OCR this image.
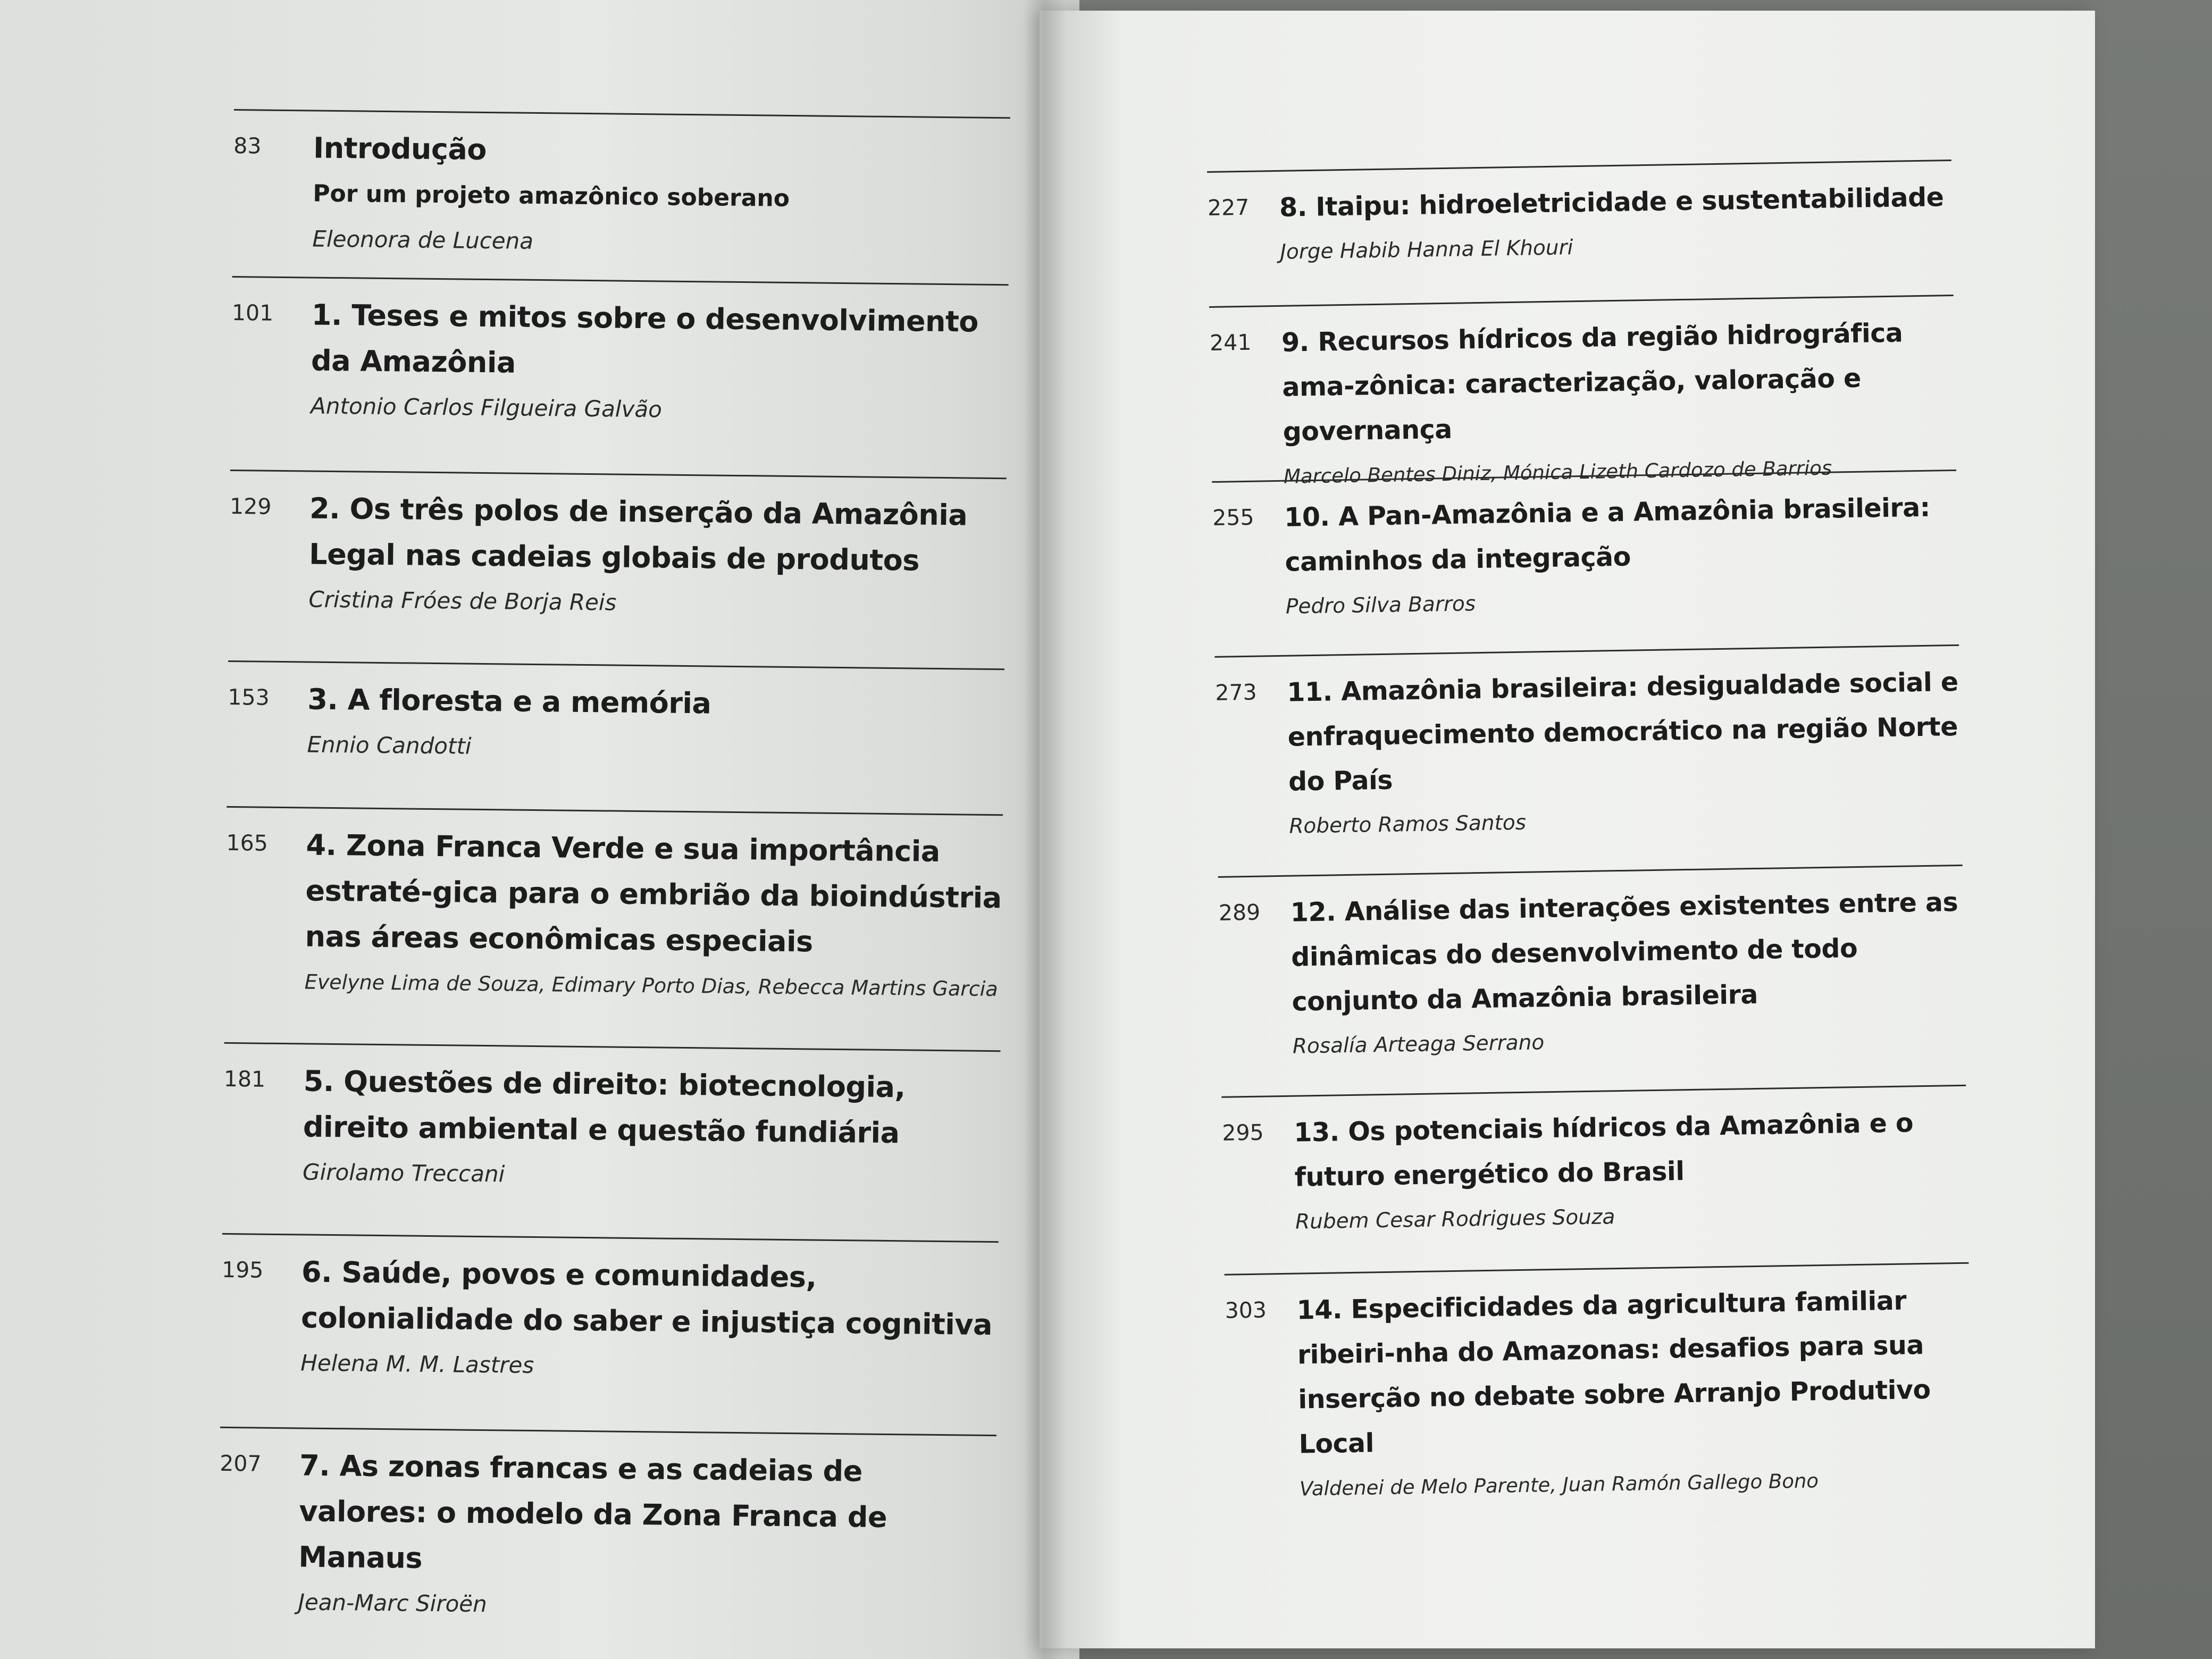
83 Introdução
Por um projeto amazônico soberano
Eleonora de Lucena
101 1. Teses e mitos sobre o desenvolvimento da Amazônia
Antonio Carlos Filgueira Galvão
129 2. Os três polos de inserção da Amazônia Legal nas cadeias globais de produtos
Cristina Fróes de Borja Reis
153 3. A floresta e a memória
Ennio Candotti
165 4. Zona Franca Verde e sua importância estraté-gica para o embrião da bioindústria nas áreas econômicas especiais
Evelyne Lima de Souza, Edimary Porto Dias, Rebecca Martins Garcia
181 5. Questões de direito: biotecnologia, direito ambiental e questão fundiária
Girolamo Treccani
195 6. Saúde, povos e comunidades, colonialidade do saber e injustiça cognitiva
Helena M. M. Lastres
207 7. As zonas francas e as cadeias de valores: o modelo da Zona Franca de Manaus
Jean-Marc Siroën
227 8. Itaipu: hidroeletricidade e sustentabilidade
Jorge Habib Hanna El Khouri
241 9. Recursos hídricos da região hidrográfica ama-zônica: caracterização, valoração e governança
Marcelo Bentes Diniz, Mónica Lizeth Cardozo de Barrios
255 10. A Pan-Amazônia e a Amazônia brasileira: caminhos da integração
Pedro Silva Barros
273 11. Amazônia brasileira: desigualdade social e enfraquecimento democrático na região Norte do País
Roberto Ramos Santos
289 12. Análise das interações existentes entre as dinâmicas do desenvolvimento de todo conjunto da Amazônia brasileira
Rosalía Arteaga Serrano
295 13. Os potenciais hídricos da Amazônia e o futuro energético do Brasil
Rubem Cesar Rodrigues Souza
303 14. Especificidades da agricultura familiar ribeiri-nha do Amazonas: desafios para sua inserção no debate sobre Arranjo Produtivo Local
Valdenei de Melo Parente, Juan Ramón Gallego Bono
